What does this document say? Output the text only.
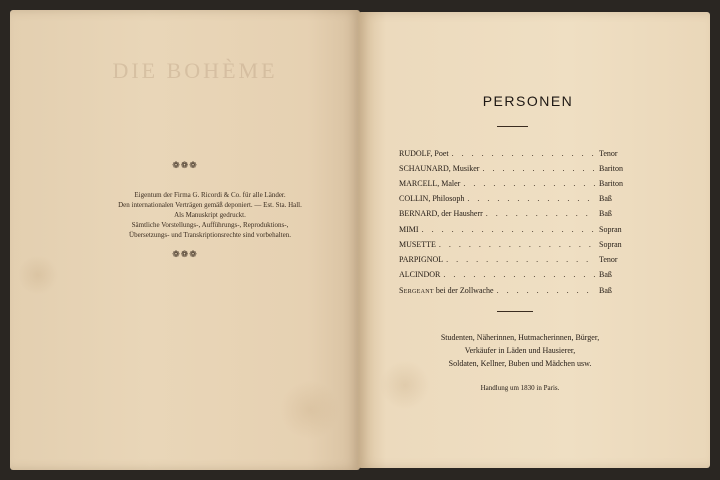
DIE BOHÈME
❁❁❁
Eigentum der Firma G. Ricordi & Co. für alle Länder.
Den internationalen Verträgen gemäß deponiert. — Est. Sta. Hall.
Als Manuskript gedruckt.
Sämtliche Vorstellungs-, Aufführungs-, Reproduktions-,
Übersetzungs- und Transkriptionsrechte sind vorbehalten.
❁❁❁
PERSONEN
RUDOLF, Poet . . .	Tenor
SCHAUNARD, Musiker . . .	Bariton
MARCELL, Maler . . .	Bariton
COLLIN, Philosoph . . .	Baß
BERNARD, der Hausherr . . .	Baß
MIMI . . .	Sopran
MUSETTE . . .	Sopran
PARPIGNOL . . .	Tenor
ALCINDOR . . .	Baß
Sergeant bei der Zollwache . . .	Baß
Studenten, Näherinnen, Hutmacherinnen, Bürger,
Verkäufer in Läden und Hausierer,
Soldaten, Kellner, Buben und Mädchen usw.
Handlung um 1830 in Paris.
